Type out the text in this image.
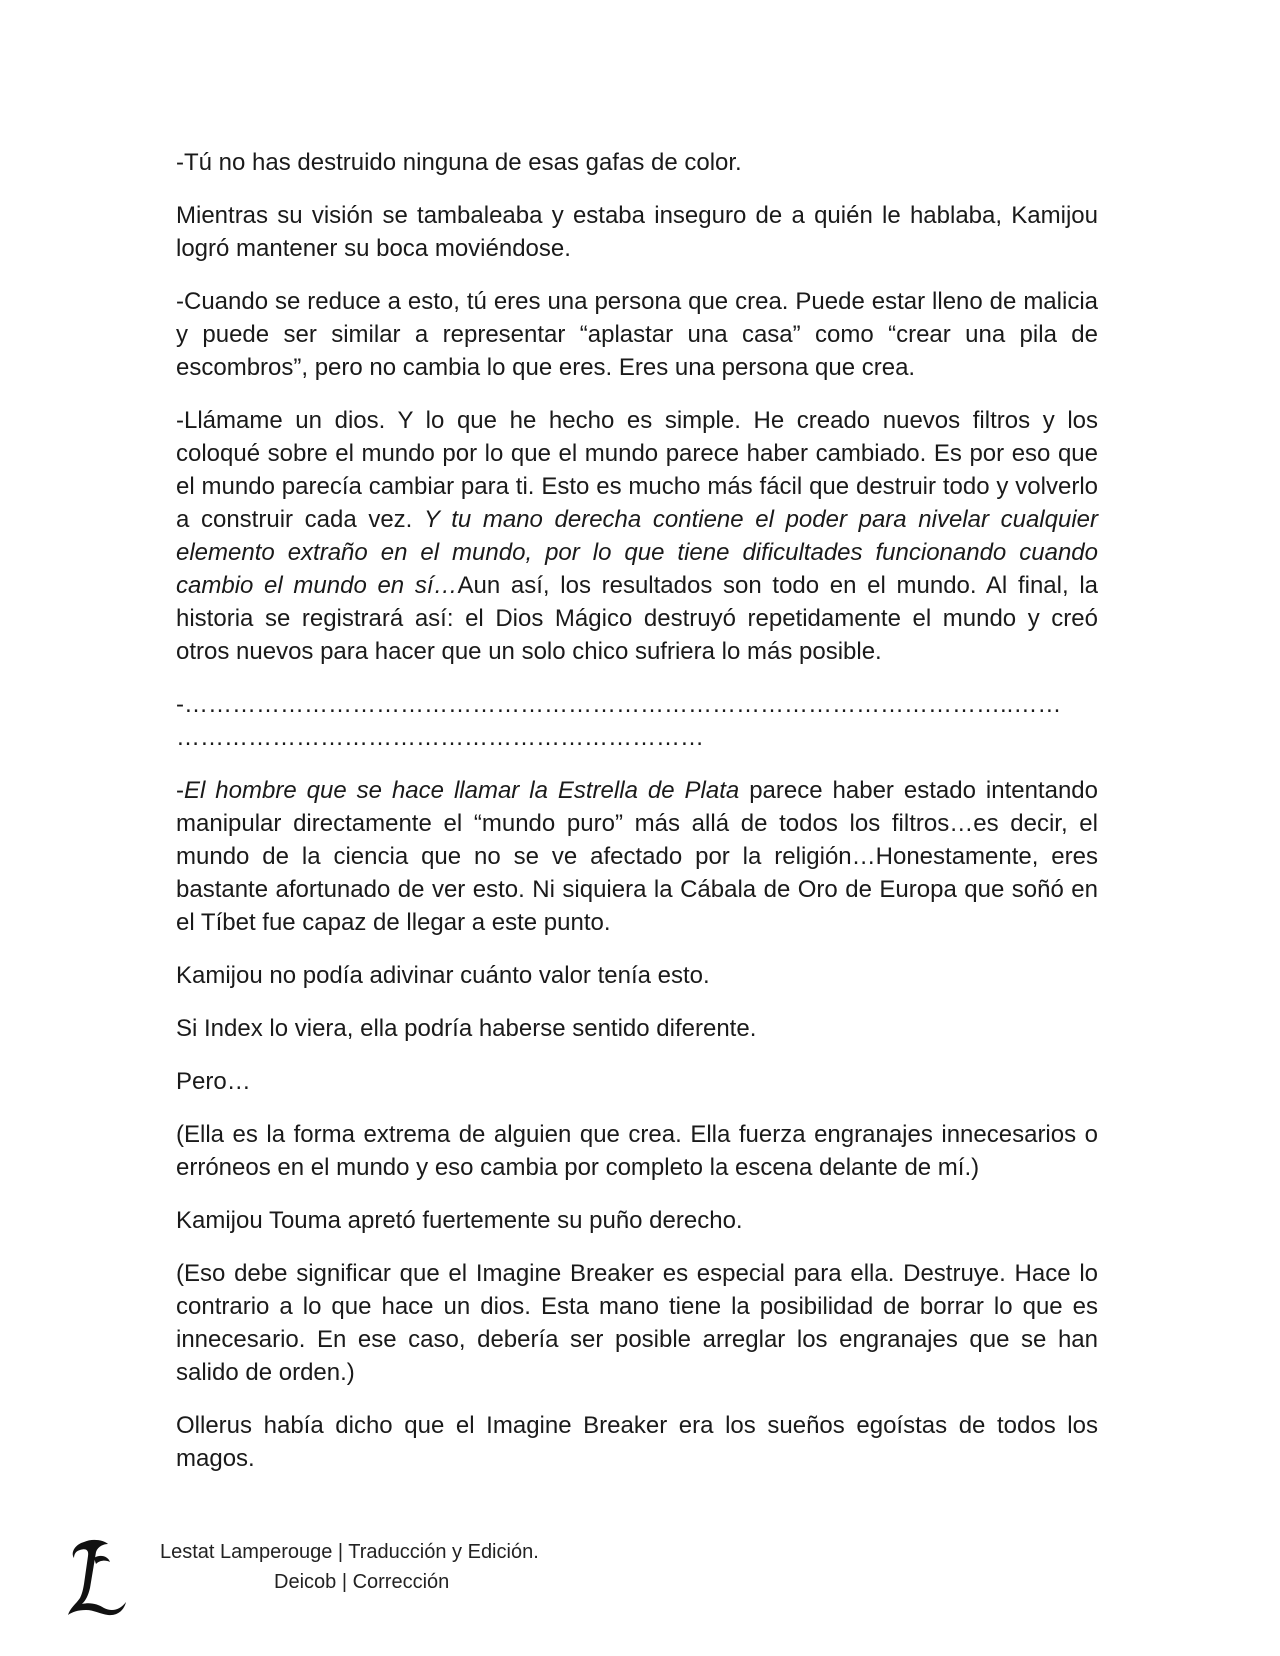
-Tú no has destruido ninguna de esas gafas de color.

Mientras su visión se tambaleaba y estaba inseguro de a quién le hablaba, Kamijou logró mantener su boca moviéndose.

-Cuando se reduce a esto, tú eres una persona que crea. Puede estar lleno de malicia y puede ser similar a representar “aplastar una casa” como “crear una pila de escombros”, pero no cambia lo que eres. Eres una persona que crea.

-Llámame un dios. Y lo que he hecho es simple. He creado nuevos filtros y los coloqué sobre el mundo por lo que el mundo parece haber cambiado. Es por eso que el mundo parecía cambiar para ti. Esto es mucho más fácil que destruir todo y volverlo a construir cada vez. Y tu mano derecha contiene el poder para nivelar cualquier elemento extraño en el mundo, por lo que tiene dificultades funcionando cuando cambio el mundo en sí…Aun así, los resultados son todo en el mundo. Al final, la historia se registrará así: el Dios Mágico destruyó repetidamente el mundo y creó otros nuevos para hacer que un solo chico sufriera lo más posible.

-…………………………………………………………………………………………..……
…………………………………………………………

-El hombre que se hace llamar la Estrella de Plata parece haber estado intentando manipular directamente el “mundo puro” más allá de todos los filtros…es decir, el mundo de la ciencia que no se ve afectado por la religión…Honestamente, eres bastante afortunado de ver esto. Ni siquiera la Cábala de Oro de Europa que soñó en el Tíbet fue capaz de llegar a este punto.

Kamijou no podía adivinar cuánto valor tenía esto.

Si Index lo viera, ella podría haberse sentido diferente.

Pero…

(Ella es la forma extrema de alguien que crea. Ella fuerza engranajes innecesarios o erróneos en el mundo y eso cambia por completo la escena delante de mí.)

Kamijou Touma apretó fuertemente su puño derecho.

(Eso debe significar que el Imagine Breaker es especial para ella. Destruye. Hace lo contrario a lo que hace un dios. Esta mano tiene la posibilidad de borrar lo que es innecesario. En ese caso, debería ser posible arreglar los engranajes que se han salido de orden.)

Ollerus había dicho que el Imagine Breaker era los sueños egoístas de todos los magos.

Lestat Lamperouge | Traducción y Edición.
Deicob | Corrección
